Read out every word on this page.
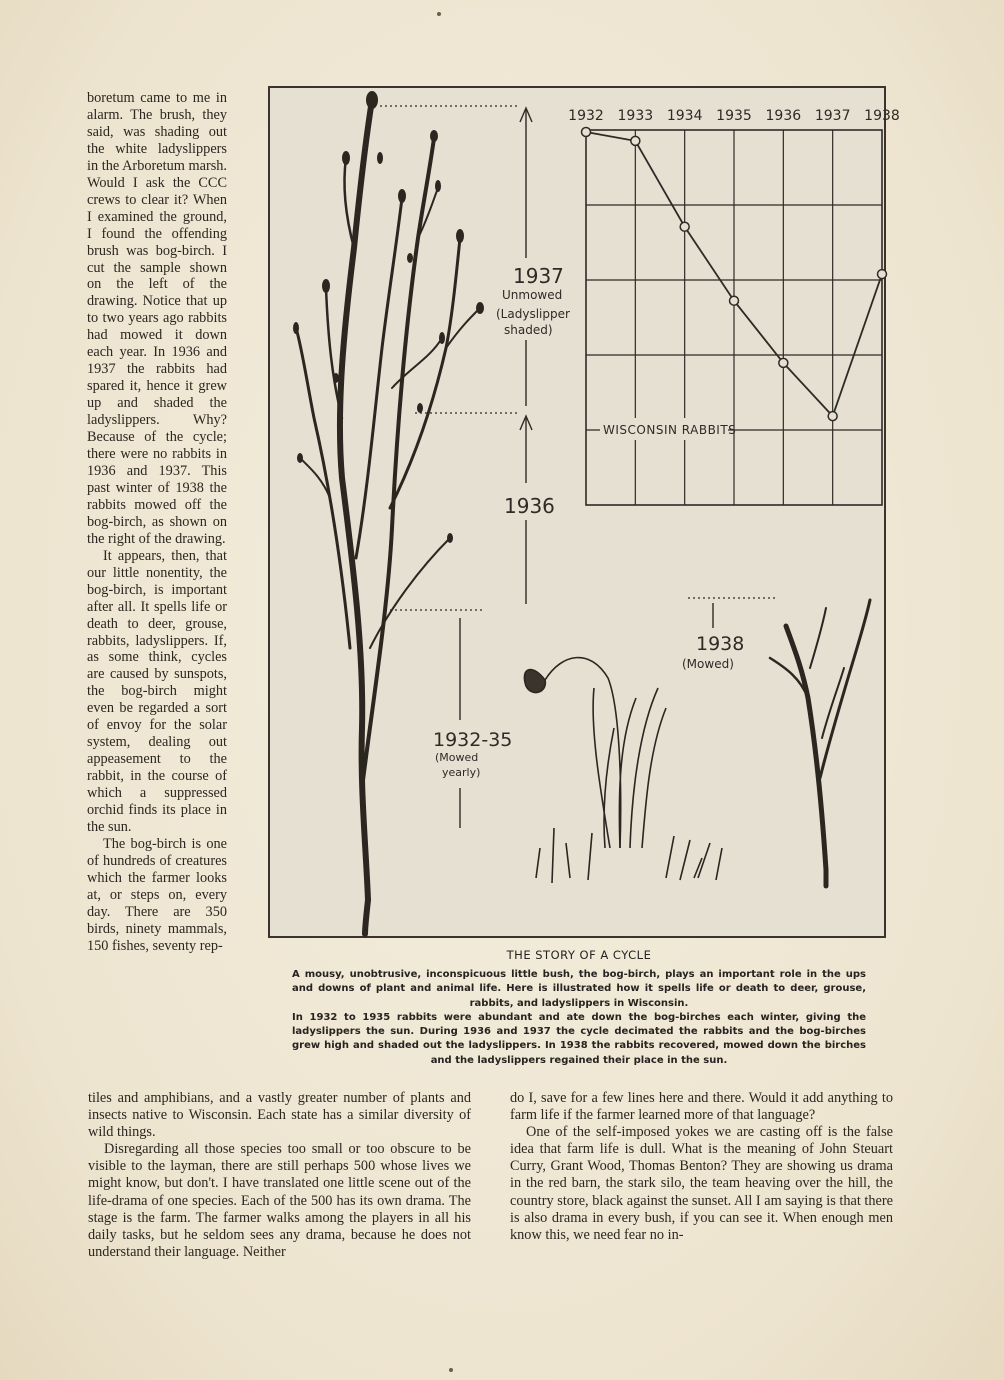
boretum came to me in alarm. The brush, they said, was shading out the white ladyslippers in the Arboretum marsh. Would I ask the CCC crews to clear it? When I examined the ground, I found the offending brush was bog-birch. I cut the sample shown on the left of the drawing. Notice that up to two years ago rabbits had mowed it down each year. In 1936 and 1937 the rabbits had spared it, hence it grew up and shaded the ladyslippers. Why? Because of the cycle; there were no rabbits in 1936 and 1937. This past winter of 1938 the rabbits mowed off the bog-birch, as shown on the right of the drawing.

It appears, then, that our little nonentity, the bog-birch, is important after all. It spells life or death to deer, grouse, rabbits, ladyslippers. If, as some think, cycles are caused by sunspots, the bog-birch might even be regarded a sort of envoy for the solar system, dealing out appeasement to the rabbit, in the course of which a suppressed orchid finds its place in the sun.

The bog-birch is one of hundreds of creatures which the farmer looks at, or steps on, every day. There are 350 birds, ninety mammals, 150 fishes, seventy rep-

1932 1933 1934 1935 1936 1937 1938
WISCONSIN RABBITS
1937
Unmowed
(Ladyslipper
shaded)
1936
1932-35
(Mowed
yearly)
1938
(Mowed)
THE STORY OF A CYCLE

A mousy, unobtrusive, inconspicuous little bush, the bog-birch, plays an important role in the ups and downs of plant and animal life. Here is illustrated how it spells life or death to deer, grouse, rabbits, and ladyslippers in Wisconsin.

In 1932 to 1935 rabbits were abundant and ate down the bog-birches each winter, giving the ladyslippers the sun. During 1936 and 1937 the cycle decimated the rabbits and the bog-birches grew high and shaded out the ladyslippers. In 1938 the rabbits recovered, mowed down the birches and the ladyslippers regained their place in the sun.

tiles and amphibians, and a vastly greater number of plants and insects native to Wisconsin. Each state has a similar diversity of wild things.

Disregarding all those species too small or too obscure to be visible to the layman, there are still perhaps 500 whose lives we might know, but don't. I have translated one little scene out of the life-drama of one species. Each of the 500 has its own drama. The stage is the farm. The farmer walks among the players in all his daily tasks, but he seldom sees any drama, because he does not understand their language. Neither

do I, save for a few lines here and there. Would it add anything to farm life if the farmer learned more of that language?

One of the self-imposed yokes we are casting off is the false idea that farm life is dull. What is the meaning of John Steuart Curry, Grant Wood, Thomas Benton? They are showing us drama in the red barn, the stark silo, the team heaving over the hill, the country store, black against the sunset. All I am saying is that there is also drama in every bush, if you can see it. When enough men know this, we need fear no in-
